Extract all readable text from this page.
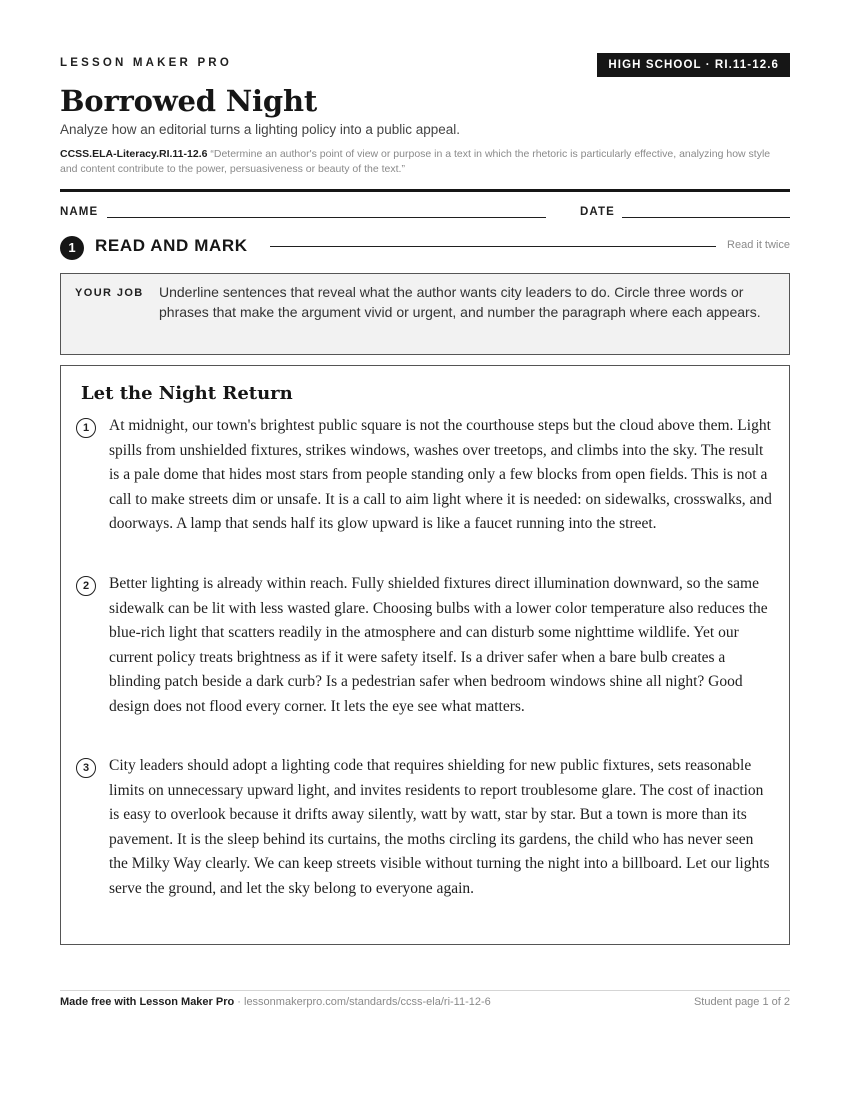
LESSON MAKER PRO	HIGH SCHOOL · RI.11-12.6
Borrowed Night
Analyze how an editorial turns a lighting policy into a public appeal.
CCSS.ELA-Literacy.RI.11-12.6 “Determine an author's point of view or purpose in a text in which the rhetoric is particularly effective, analyzing how style and content contribute to the power, persuasiveness or beauty of the text.”
NAME	DATE
1	READ AND MARK	Read it twice
YOUR JOB Underline sentences that reveal what the author wants city leaders to do. Circle three words or phrases that make the argument vivid or urgent, and number the paragraph where each appears.
Let the Night Return
1	At midnight, our town's brightest public square is not the courthouse steps but the cloud above them. Light spills from unshielded fixtures, strikes windows, washes over treetops, and climbs into the sky. The result is a pale dome that hides most stars from people standing only a few blocks from open fields. This is not a call to make streets dim or unsafe. It is a call to aim light where it is needed: on sidewalks, crosswalks, and doorways. A lamp that sends half its glow upward is like a faucet running into the street.
2	Better lighting is already within reach. Fully shielded fixtures direct illumination downward, so the same sidewalk can be lit with less wasted glare. Choosing bulbs with a lower color temperature also reduces the blue-rich light that scatters readily in the atmosphere and can disturb some nighttime wildlife. Yet our current policy treats brightness as if it were safety itself. Is a driver safer when a bare bulb creates a blinding patch beside a dark curb? Is a pedestrian safer when bedroom windows shine all night? Good design does not flood every corner. It lets the eye see what matters.
3	City leaders should adopt a lighting code that requires shielding for new public fixtures, sets reasonable limits on unnecessary upward light, and invites residents to report troublesome glare. The cost of inaction is easy to overlook because it drifts away silently, watt by watt, star by star. But a town is more than its pavement. It is the sleep behind its curtains, the moths circling its gardens, the child who has never seen the Milky Way clearly. We can keep streets visible without turning the night into a billboard. Let our lights serve the ground, and let the sky belong to everyone again.
Made free with Lesson Maker Pro · lessonmakerpro.com/standards/ccss-ela/ri-11-12-6	Student page 1 of 2
